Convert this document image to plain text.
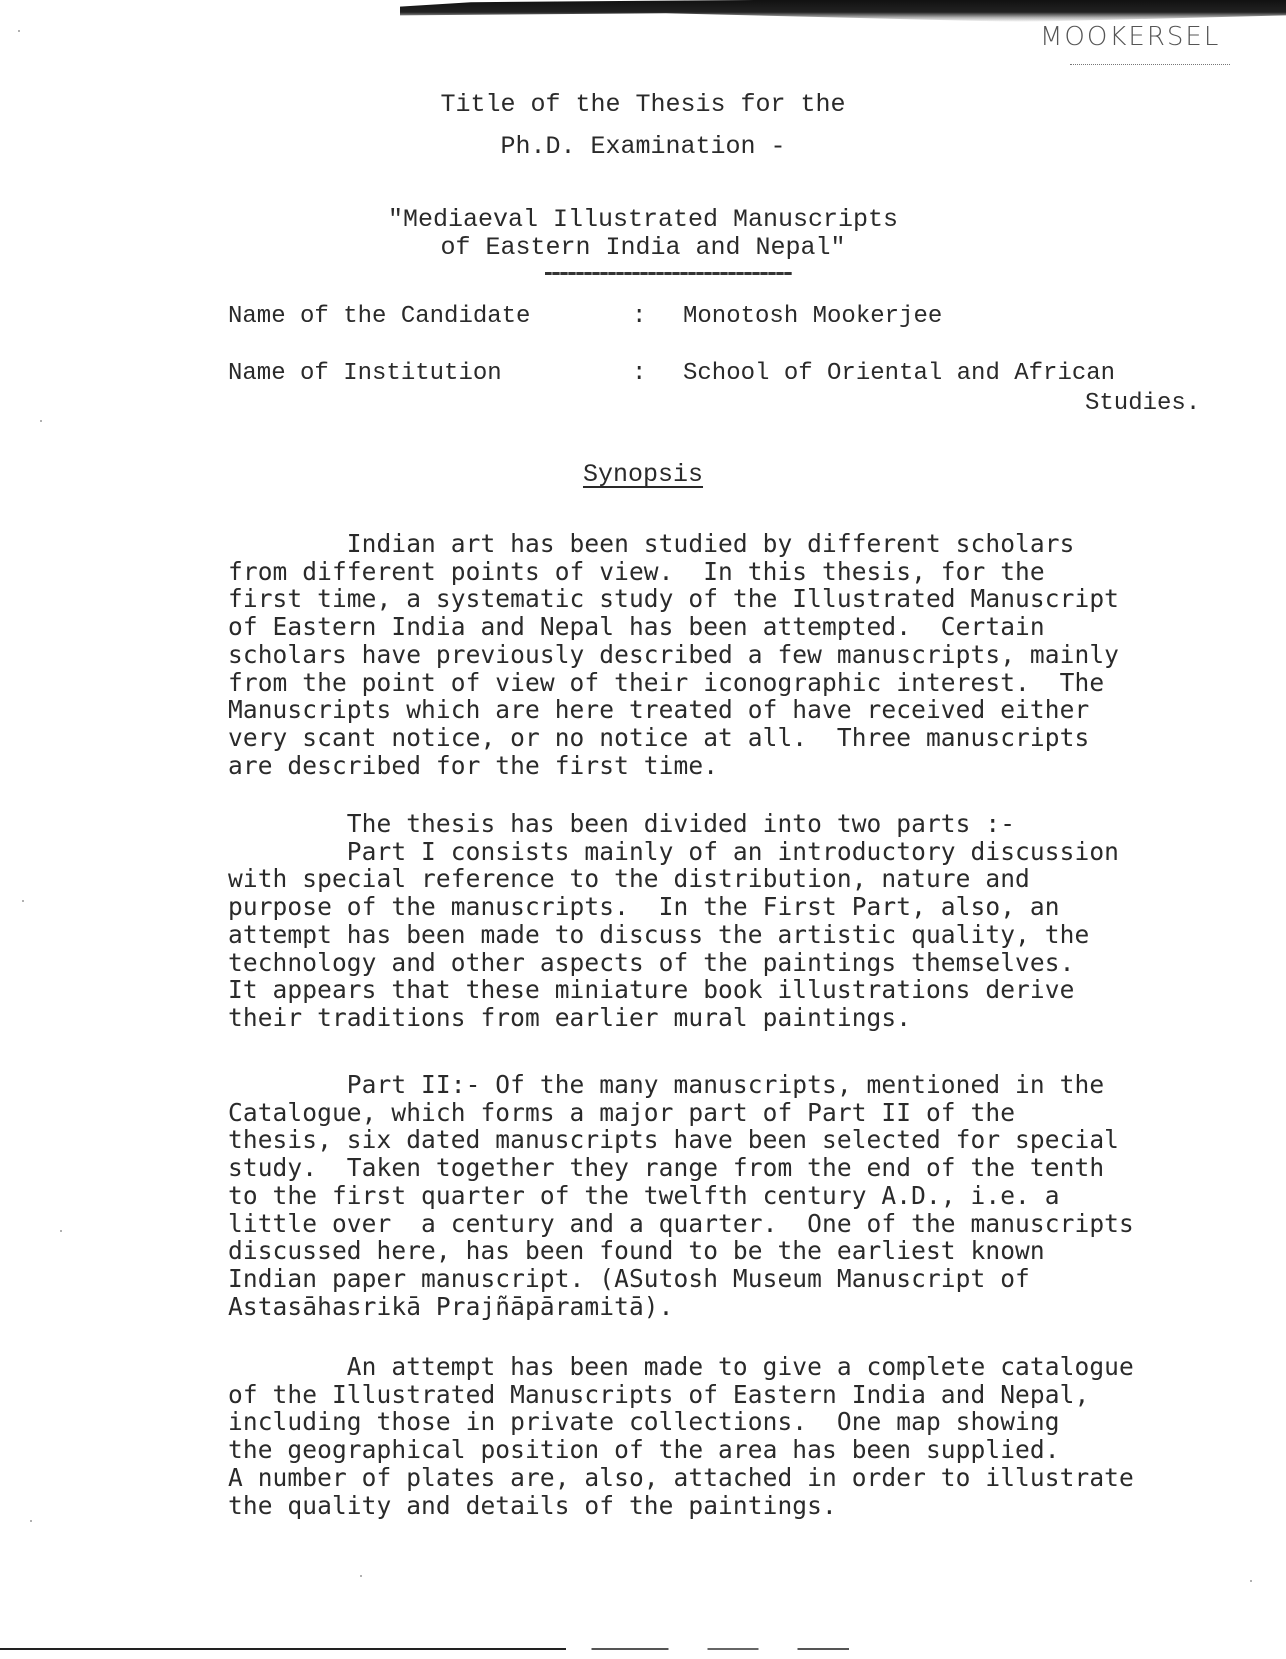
MOOKERSEL
Title of the Thesis for the
Ph.D. Examination -
"Mediaeval Illustrated Manuscripts
of Eastern India and Nepal"
Name of the Candidate	: Monotosh Mookerjee
Name of Institution	: School of Oriental and African
Studies.
Synopsis
Indian art has been studied by different scholars
from different points of view.  In this thesis, for the
first time, a systematic study of the Illustrated Manuscript
of Eastern India and Nepal has been attempted.  Certain
scholars have previously described a few manuscripts, mainly
from the point of view of their iconographic interest.  The
Manuscripts which are here treated of have received either
very scant notice, or no notice at all.  Three manuscripts
are described for the first time.
The thesis has been divided into two parts :-
Part I consists mainly of an introductory discussion
with special reference to the distribution, nature and
purpose of the manuscripts.  In the First Part, also, an
attempt has been made to discuss the artistic quality, the
technology and other aspects of the paintings themselves.
It appears that these miniature book illustrations derive
their traditions from earlier mural paintings.
Part II:- Of the many manuscripts, mentioned in the
Catalogue, which forms a major part of Part II of the
thesis, six dated manuscripts have been selected for special
study.  Taken together they range from the end of the tenth
to the first quarter of the twelfth century A.D., i.e. a
little over  a century and a quarter.  One of the manuscripts
discussed here, has been found to be the earliest known
Indian paper manuscript. (ASutosh Museum Manuscript of
Astasāhasrikā Prajñāpāramitā).
An attempt has been made to give a complete catalogue
of the Illustrated Manuscripts of Eastern India and Nepal,
including those in private collections.  One map showing
the geographical position of the area has been supplied.
A number of plates are, also, attached in order to illustrate
the quality and details of the paintings.
